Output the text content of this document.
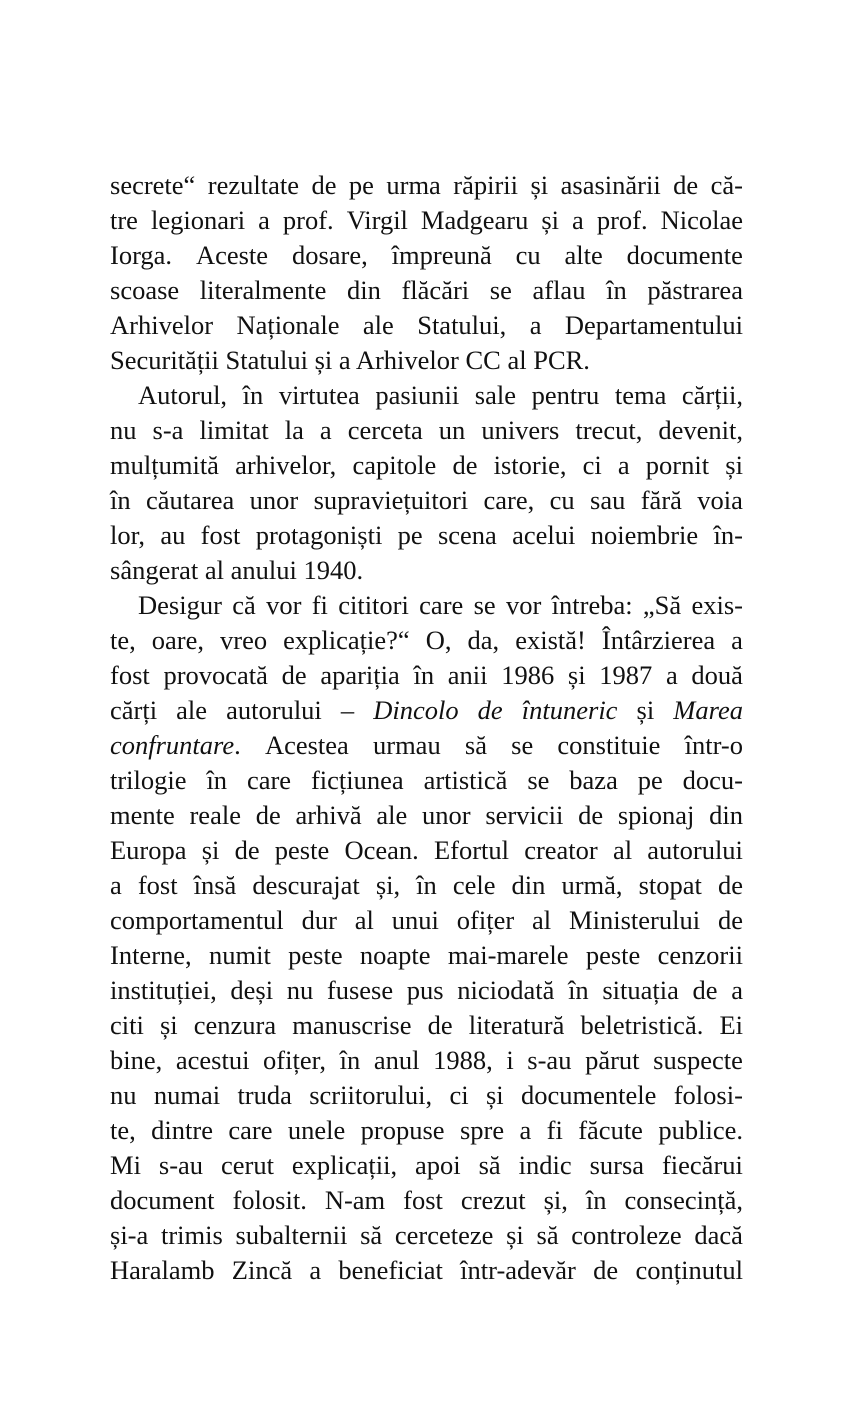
secrete“ rezultate de pe urma răpirii și asasinării de că-
tre legionari a prof. Virgil Madgearu și a prof. Nicolae
Iorga. Aceste dosare, împreună cu alte documente
scoase literalmente din flăcări se aflau în păstrarea
Arhivelor Naționale ale Statului, a Departamentului
Securității Statului și a Arhivelor CC al PCR.
Autorul, în virtutea pasiunii sale pentru tema cărții,
nu s-a limitat la a cerceta un univers trecut, devenit,
mulțumită arhivelor, capitole de istorie, ci a pornit și
în căutarea unor supraviețuitori care, cu sau fără voia
lor, au fost protagoniști pe scena acelui noiembrie în-
sângerat al anului 1940.
Desigur că vor fi cititori care se vor întreba: „Să exis-
te, oare, vreo explicație?“ O, da, există! Întârzierea a
fost provocată de apariția în anii 1986 și 1987 a două
cărți ale autorului – Dincolo de întuneric și Marea
confruntare. Acestea urmau să se constituie într-o
trilogie în care ficțiunea artistică se baza pe docu-
mente reale de arhivă ale unor servicii de spionaj din
Europa și de peste Ocean. Efortul creator al autorului
a fost însă descurajat și, în cele din urmă, stopat de
comportamentul dur al unui ofițer al Ministerului de
Interne, numit peste noapte mai-marele peste cenzorii
instituției, deși nu fusese pus niciodată în situația de a
citi și cenzura manuscrise de literatură beletristică. Ei
bine, acestui ofițer, în anul 1988, i s-au părut suspecte
nu numai truda scriitorului, ci și documentele folosi-
te, dintre care unele propuse spre a fi făcute publice.
Mi s-au cerut explicații, apoi să indic sursa fiecărui
document folosit. N-am fost crezut și, în consecință,
și-a trimis subalternii să cerceteze și să controleze dacă
Haralamb Zincă a beneficiat într-adevăr de conținutul
